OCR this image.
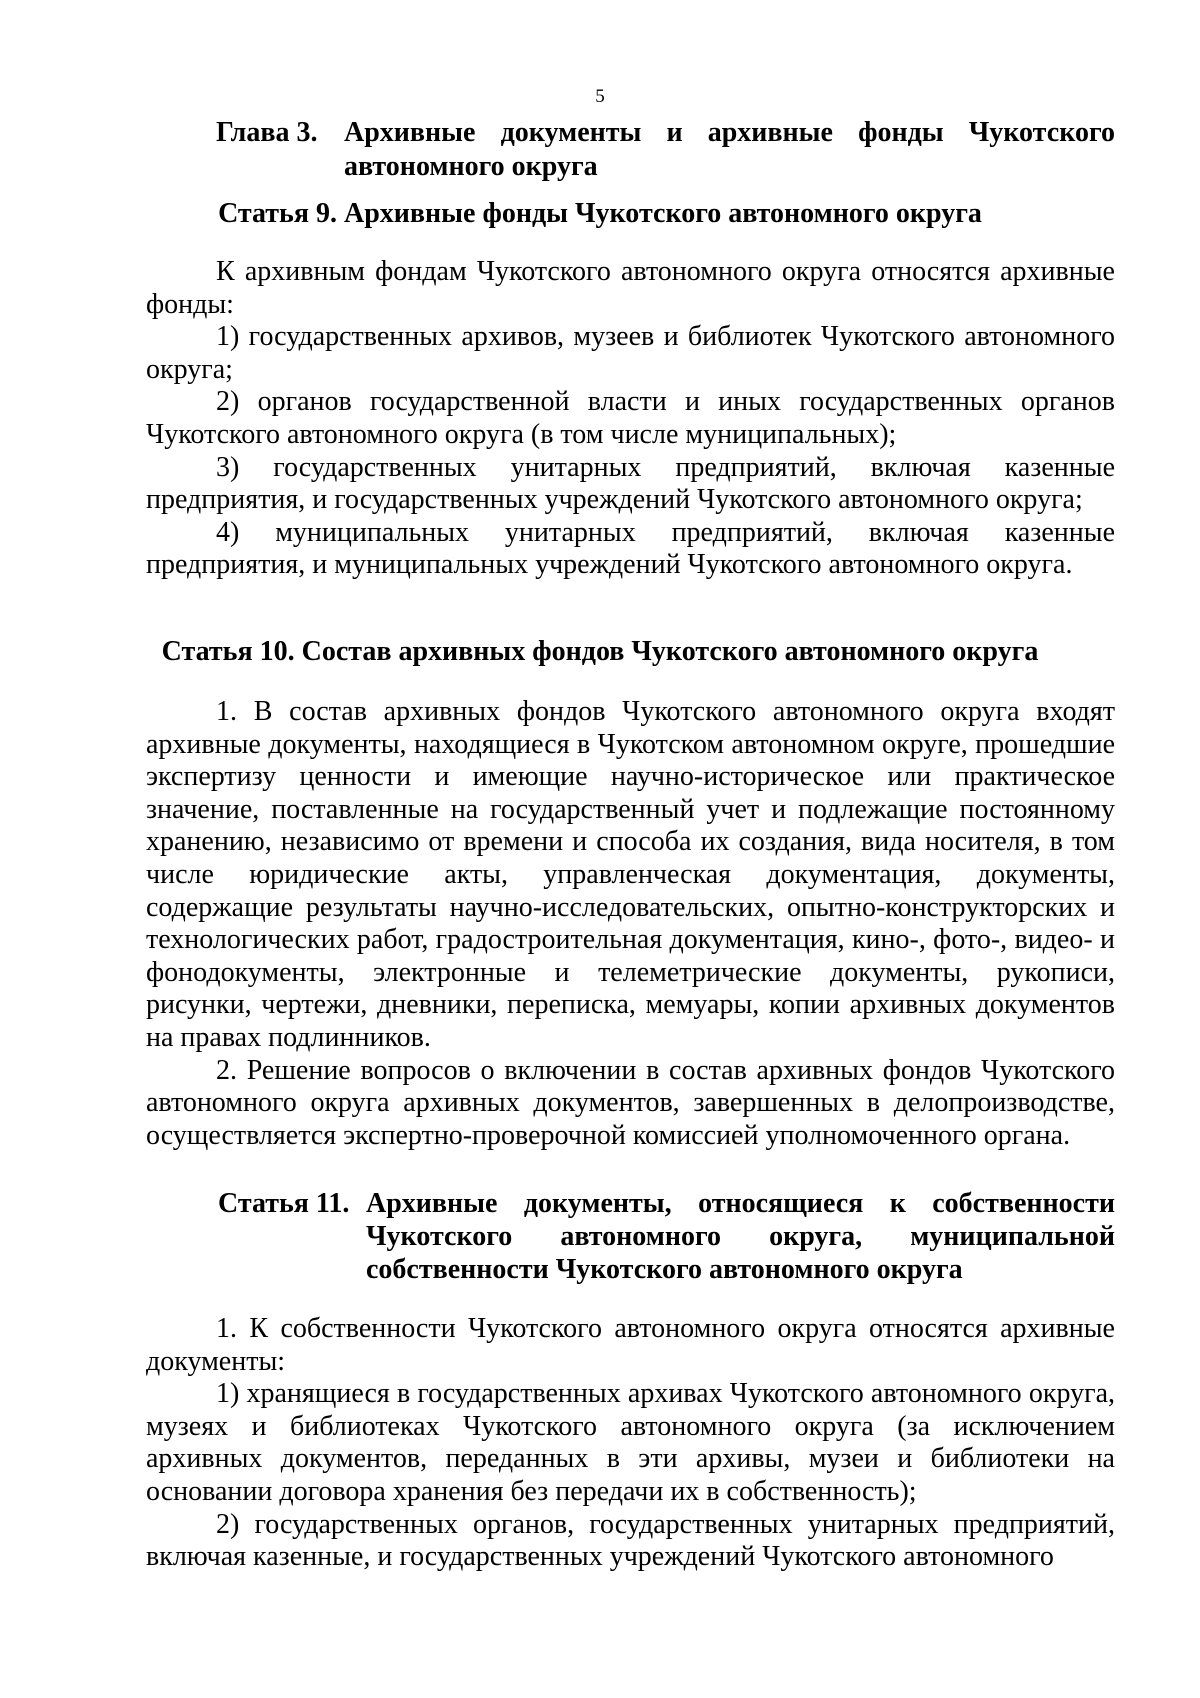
5
Глава 3. Архивные документы и архивные фонды Чукотского автономного округа
Статья 9. Архивные фонды Чукотского автономного округа

К архивным фондам Чукотского автономного округа относятся архивные фонды:

1) государственных архивов, музеев и библиотек Чукотского автономного округа;

2) органов государственной власти и иных государственных органов Чукотского автономного округа (в том числе муниципальных);

3) государственных унитарных предприятий, включая казенные предприятия, и государственных учреждений Чукотского автономного округа;

4) муниципальных унитарных предприятий, включая казенные предприятия, и муниципальных учреждений Чукотского автономного округа.

Статья 10. Состав архивных фондов Чукотского автономного округа

1. В состав архивных фондов Чукотского автономного округа входят архивные документы, находящиеся в Чукотском автономном округе, прошедшие экспертизу ценности и имеющие научно-историческое или практическое значение, поставленные на государственный учет и подлежащие постоянному хранению, независимо от времени и способа их создания, вида носителя, в том числе юридические акты, управленческая документация, документы, содержащие результаты научно-исследовательских, опытно-конструкторских и технологических работ, градостроительная документация, кино-, фото-, видео- и фонодокументы, электронные и телеметрические документы, рукописи, рисунки, чертежи, дневники, переписка, мемуары, копии архивных документов на правах подлинников.

2. Решение вопросов о включении в состав архивных фондов Чукотского автономного округа архивных документов, завершенных в делопроизводстве, осуществляется экспертно-проверочной комиссией уполномоченного органа.

Статья 11. Архивные документы, относящиеся к собственности Чукотского автономного округа, муниципальной собственности Чукотского автономного округа

1. К собственности Чукотского автономного округа относятся архивные документы:

1) хранящиеся в государственных архивах Чукотского автономного округа, музеях и библиотеках Чукотского автономного округа (за исключением архивных документов, переданных в эти архивы, музеи и библиотеки на основании договора хранения без передачи их в собственность);

2) государственных органов, государственных унитарных предприятий, включая казенные, и государственных учреждений Чукотского автономного
